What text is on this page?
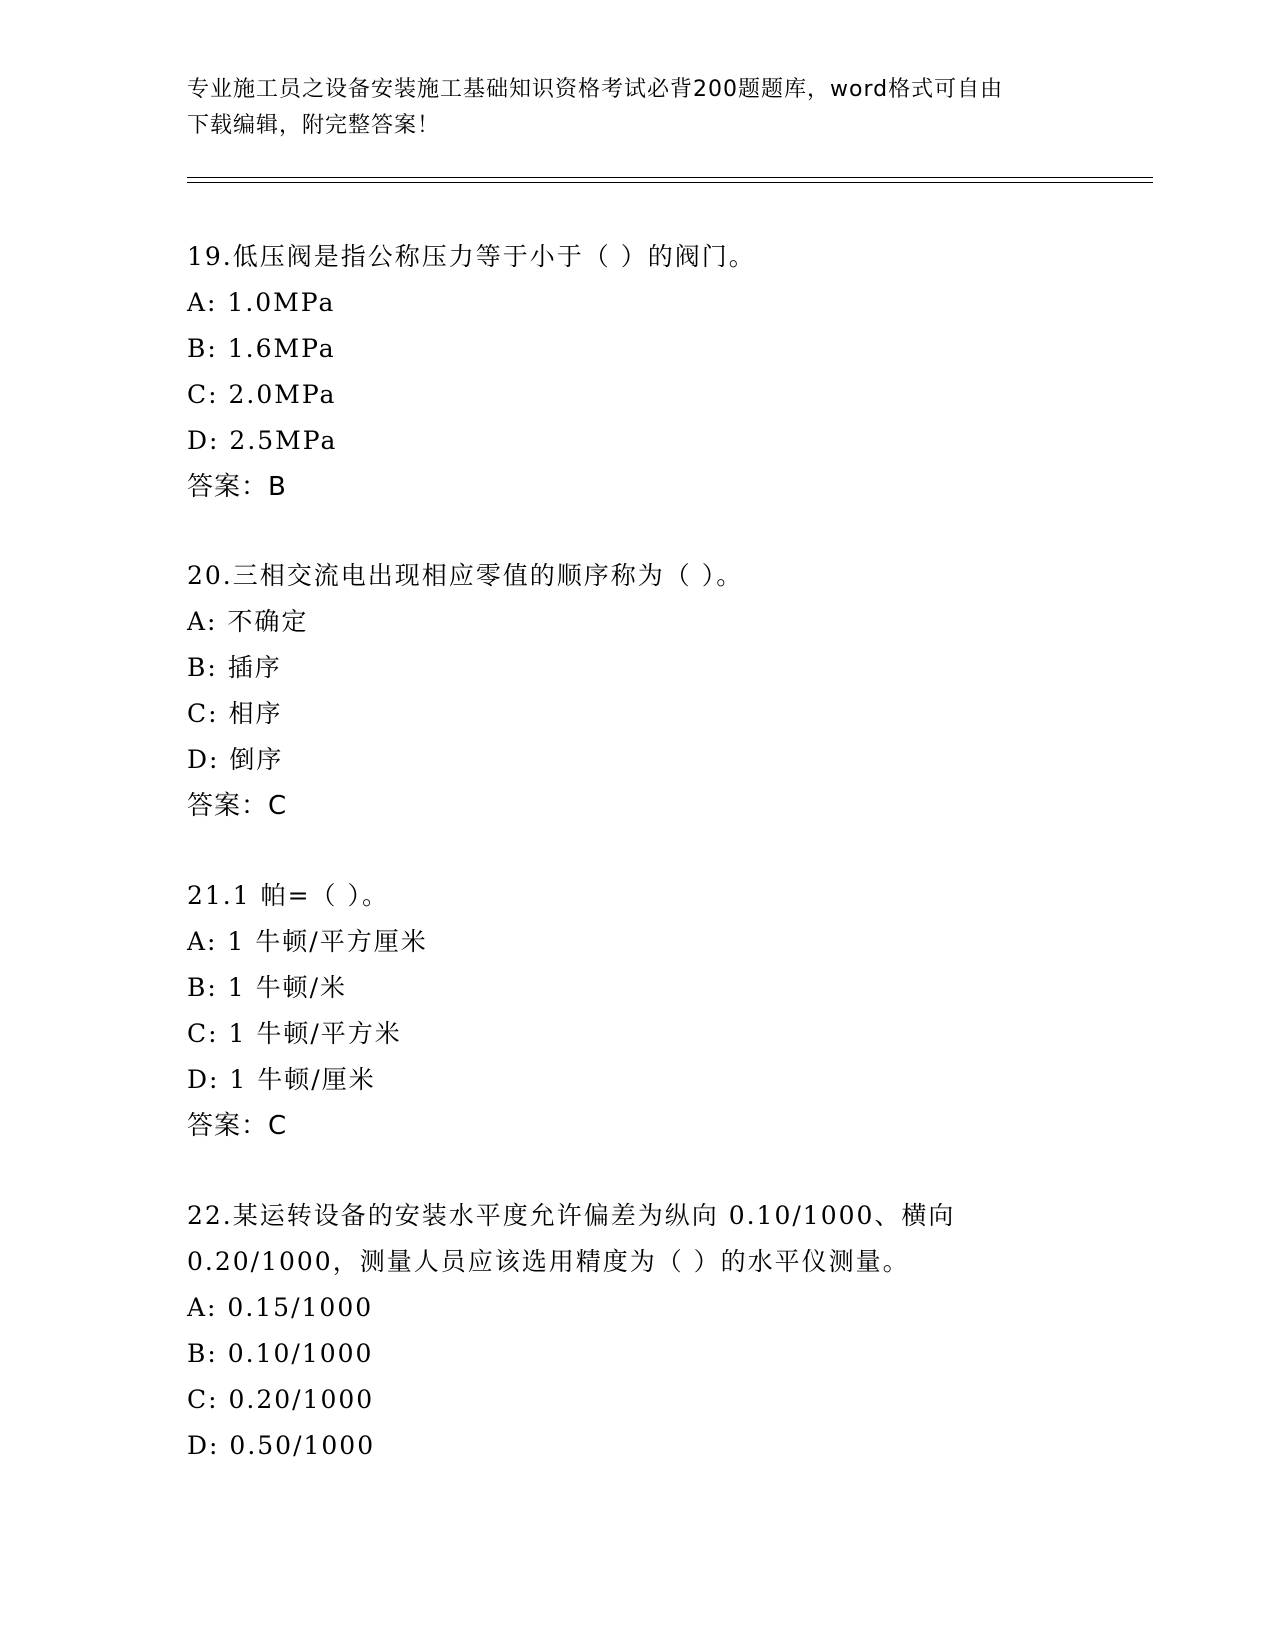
专业施工员之设备安装施工基础知识资格考试必背200题题库，word格式可自由
下载编辑，附完整答案！
19.低压阀是指公称压力等于小于（ ）的阀门。
A: 1.0MPa
B: 1.6MPa
C: 2.0MPa
D: 2.5MPa
答案：B
20.三相交流电出现相应零值的顺序称为（ ）。
A: 不确定
B: 插序
C: 相序
D: 倒序
答案：C
21.1 帕=（ ）。
A: 1 牛顿/平方厘米
B: 1 牛顿/米
C: 1 牛顿/平方米
D: 1 牛顿/厘米
答案：C
22.某运转设备的安装水平度允许偏差为纵向 0.10/1000、横向
0.20/1000，测量人员应该选用精度为（ ）的水平仪测量。
A: 0.15/1000
B: 0.10/1000
C: 0.20/1000
D: 0.50/1000
